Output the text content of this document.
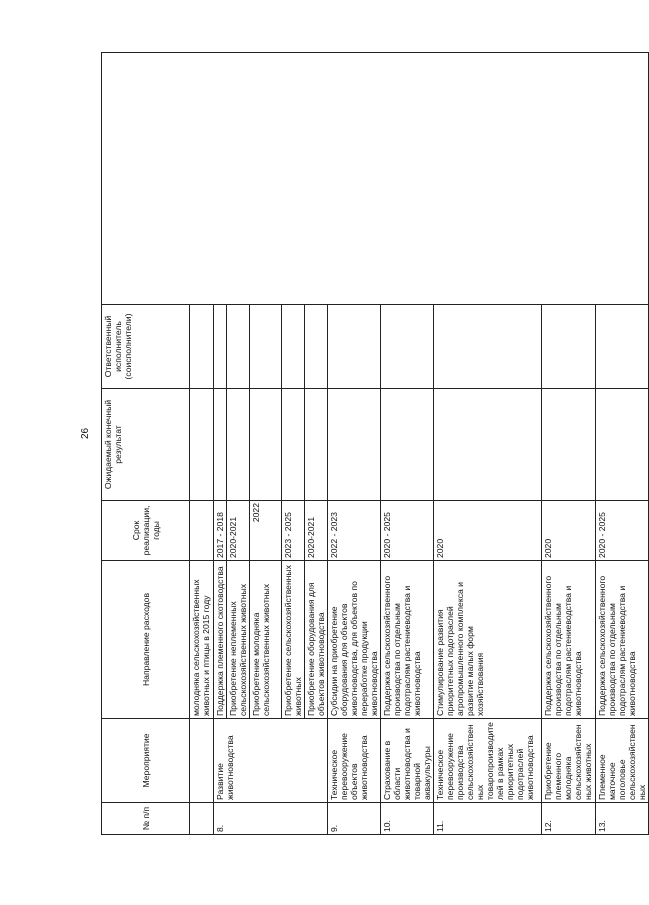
26
№ п/п	Мероприятие	Направление расходов	Срок реализации, годы	Ожидаемый конечный результат	Ответственный исполнитель (соисполнители)	
		молодняка сельскохозяйственных животных и птицы в 2015 году				
8.	Развитие животноводства	Поддержка племенного скотоводства	2017 - 2018			
		Приобретение неплеменных сельскохозяйственных животных	2020-2021			
		Приобретение молодняка сельскохозяйственных животных	2022			
		Приобретение сельскохозяйственных животных	2023 - 2025			
		Приобретение оборудования для объектов животноводства	2020-2021			
9.	Техническое перевооружение объектов животноводства	Субсидии на приобретение оборудования для объектов животноводства, для объектов по переработке продукции животноводства	2022 - 2023			
10.	Страхование в области животноводства и товарной аквакультуры	Поддержка сельскохозяйственного производства по отдельным подотраслям растениеводства и животноводства	2020 - 2025			
11.	Техническое перевооружение производства сельскохозяйственных товаропроизводителей в рамках приоритетных подотраслей животноводства	Стимулирование развития приоритетных подотраслей агропромышленного комплекса и развитие малых форм хозяйствования	2020			
12.	Приобретение племенного молодняка сельскохозяйственных животных	Поддержка сельскохозяйственного производства по отдельным подотраслям растениеводства и животноводства	2020			
13.	Племенное маточное поголовье сельскохозяйственных	Поддержка сельскохозяйственного производства по отдельным подотраслям растениеводства и животноводства	2020 - 2025			
